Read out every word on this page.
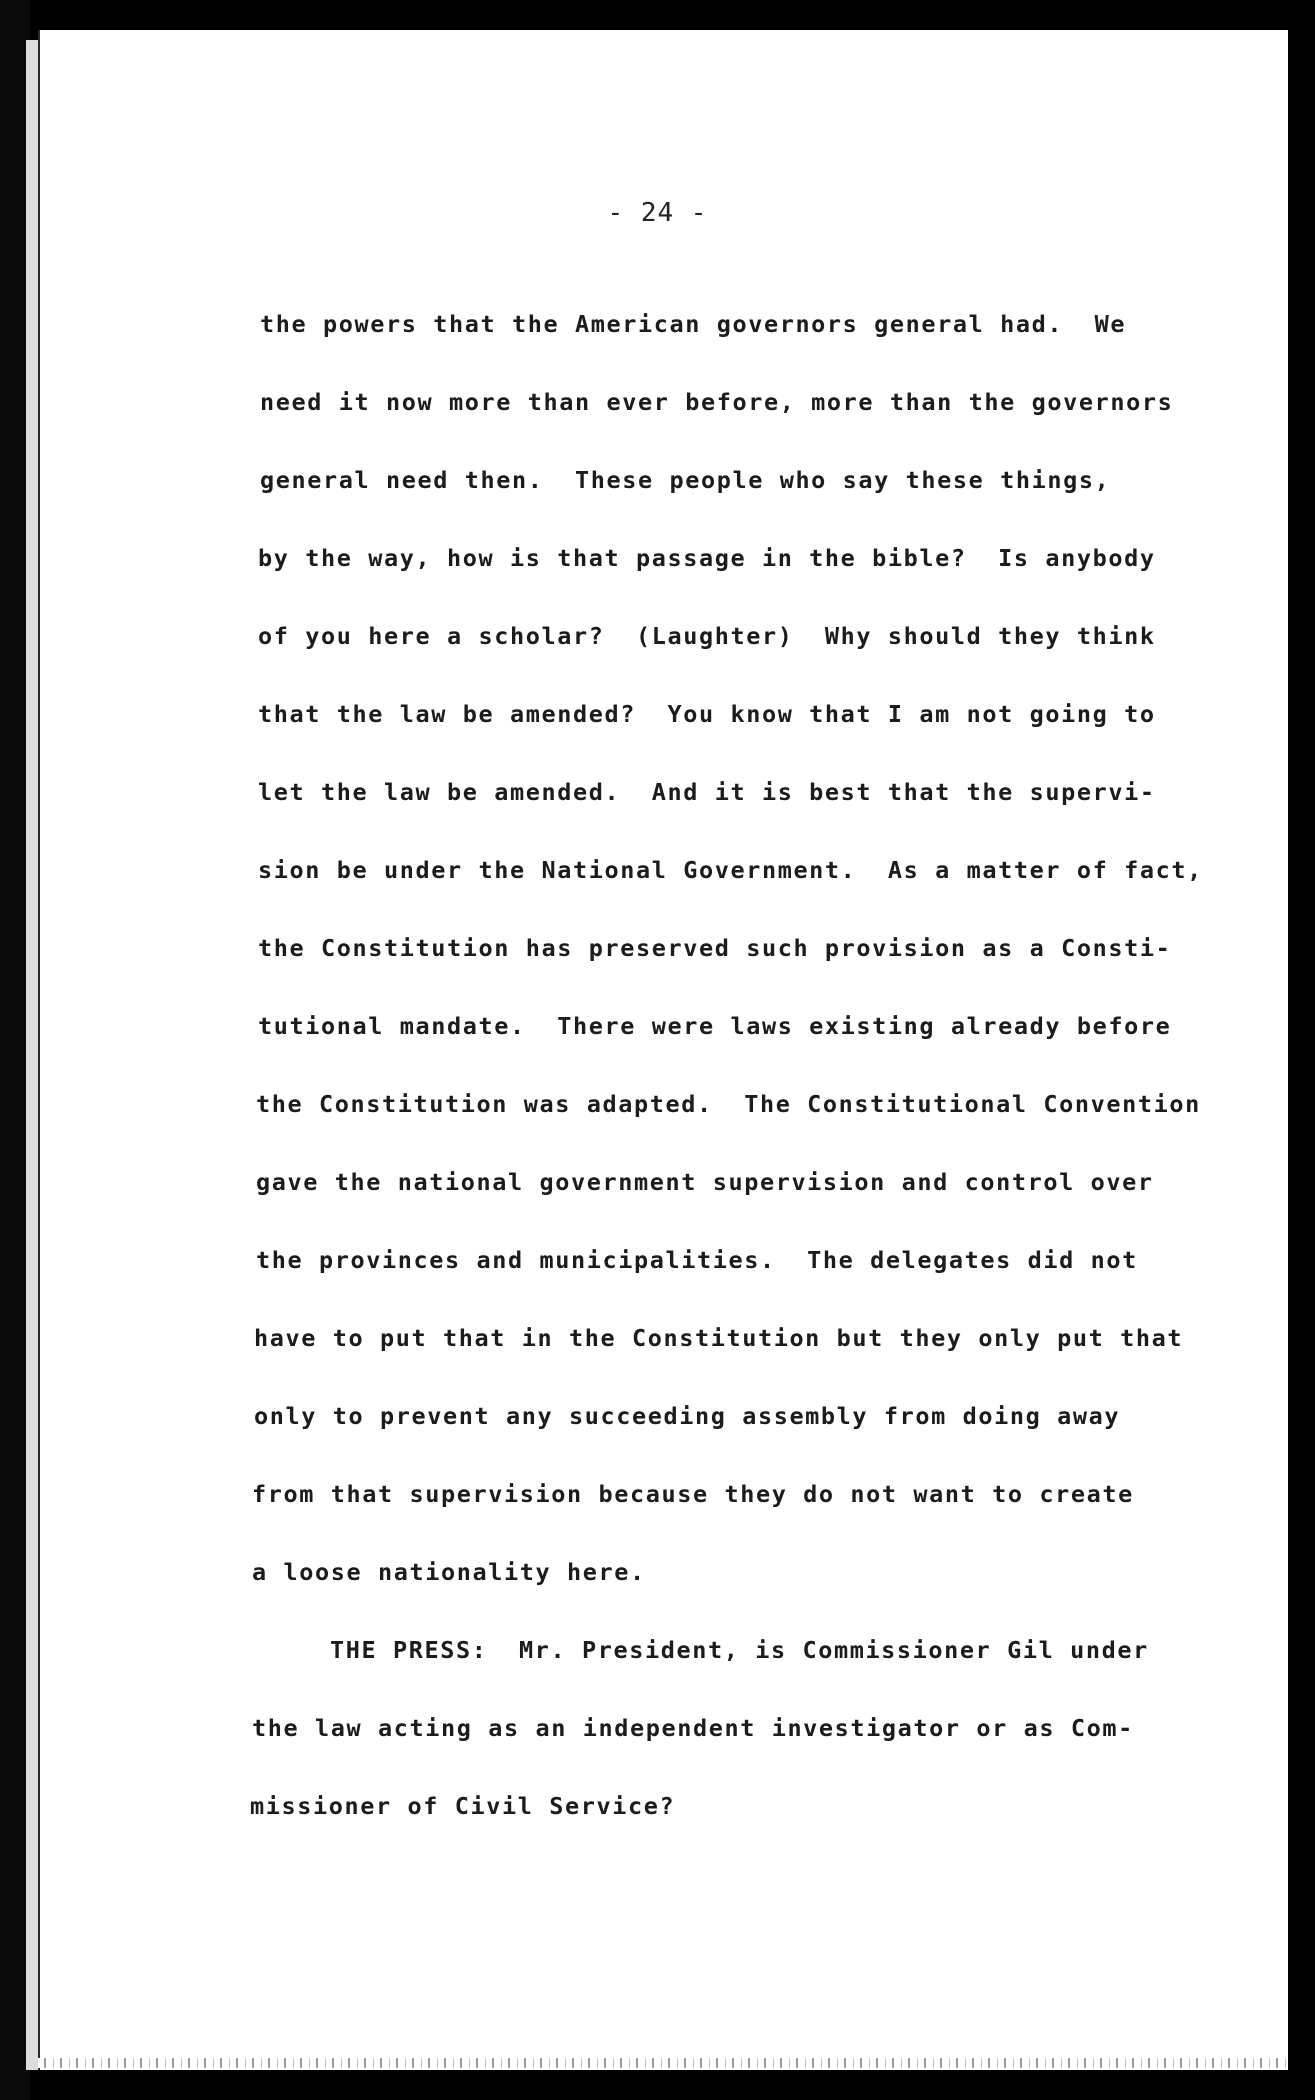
- 24 -

the powers that the American governors general had.  We

need it now more than ever before, more than the governors

general need then.  These people who say these things,

by the way, how is that passage in the bible?  Is anybody

of you here a scholar?  (Laughter)  Why should they think

that the law be amended?  You know that I am not going to

let the law be amended.  And it is best that the supervi-

sion be under the National Government.  As a matter of fact,

the Constitution has preserved such provision as a Consti-

tutional mandate.  There were laws existing already before

the Constitution was adapted.  The Constitutional Convention

gave the national government supervision and control over

the provinces and municipalities.  The delegates did not

have to put that in the Constitution but they only put that

only to prevent any succeeding assembly from doing away

from that supervision because they do not want to create

a loose nationality here.

THE PRESS:  Mr. President, is Commissioner Gil under

the law acting as an independent investigator or as Com-

missioner of Civil Service?
